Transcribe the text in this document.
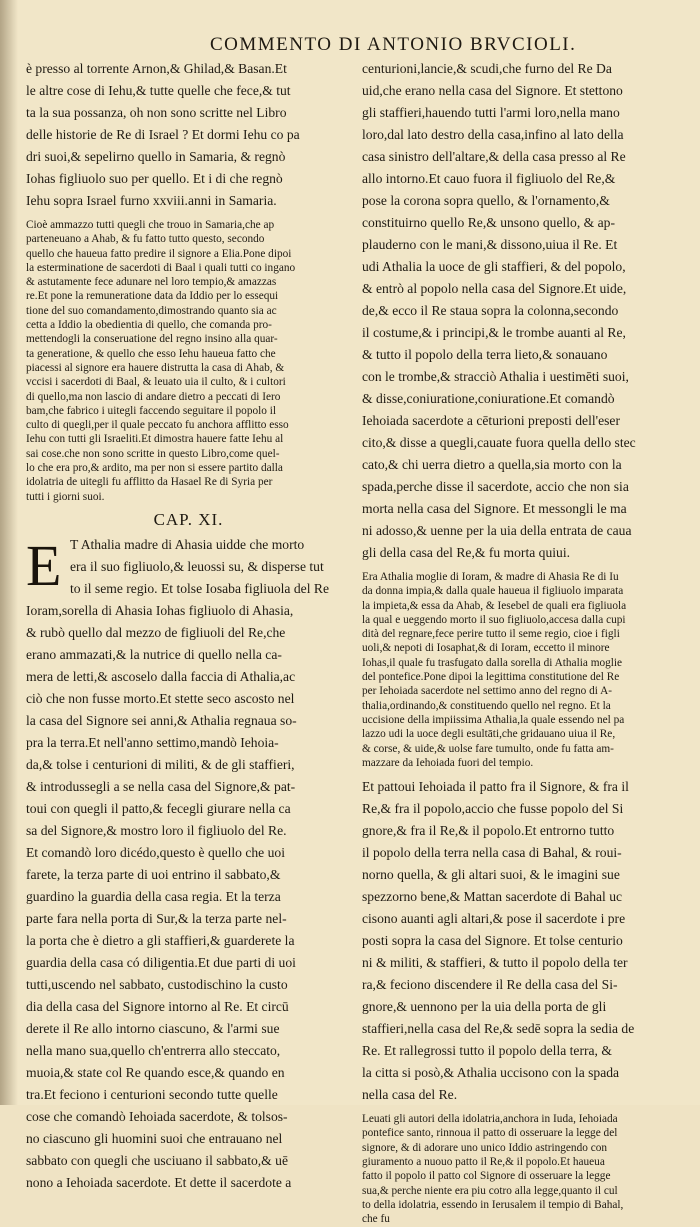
COMMENTO DI ANTONIO BRVCIOLI.
è presso al torrente Arnon,& Ghilad,& Basan.Et
le altre cose di Iehu,& tutte quelle che fece,& tut
ta la sua possanza, oh non sono scritte nel Libro
delle historie de Re di Israel ? Et dormi Iehu co pa
dri suoi,& sepelirno quello in Samaria, & regnò
Iohas figliuolo suo per quello. Et i di che regnò
Iehu sopra Israel furno xxviii.anni in Samaria.
Cioè ammazzo tutti quegli che trouo in Samaria,che ap
parteneuano a Ahab, & fu fatto tutto questo, secondo
quello che haueua fatto predire il signore a Elia.Pone dipoi
la esterminatione de sacerdoti di Baal i quali tutti co ingano
& astutamente fece adunare nel loro tempio,& amazzas
re.Et pone la remuneratione data da Iddio per lo essequi
tione del suo comandamento,dimostrando quanto sia ac
cetta a Iddio la obedientia di quello, che comanda pro-
mettendogli la conseruatione del regno insino alla quar-
ta generatione, & quello che esso Iehu haueua fatto che
piacessi al signore era hauere distrutta la casa di Ahab, &
vccisi i sacerdoti di Baal, & leuato uia il culto, & i cultori
di quello,ma non lascio di andare dietro a peccati di Iero
bam,che fabrico i uitegli faccendo seguitare il popolo il
culto di quegli,per il quale peccato fu anchora afflitto esso
Iehu con tutti gli Israeliti.Et dimostra hauere fatte Iehu al
sai cose.che non sono scritte in questo Libro,come quel-
lo che era pro,& ardito, ma per non si essere partito dalla
idolatria de uitegli fu afflitto da Hasael Re di Syria per
tutti i giorni suoi.
CAP. XI.
E T Athalia madre di Ahasia uidde che morto
era il suo figliuolo,& leuossi su, & disperse tut
to il seme regio. Et tolse Iosaba figliuola del Re
Ioram,sorella di Ahasia Iohas figliuolo di Ahasia,
& rubò quello dal mezzo de figliuoli del Re,che
erano ammazati,& la nutrice di quello nella ca-
mera de letti,& ascoselo dalla faccia di Athalia,ac
ciò che non fusse morto.Et stette seco ascosto nel
la casa del Signore sei anni,& Athalia regnaua so-
pra la terra.Et nell'anno settimo,mandò Iehoia-
da,& tolse i centurioni di militi, & de gli staffieri,
& introdussegli a se nella casa del Signore,& pat-
toui con quegli il patto,& fecegli giurare nella ca
sa del Signore,& mostro loro il figliuolo del Re.
Et comandò loro dicédo,questo è quello che uoi
farete, la terza parte di uoi entrino il sabbato,&
guardino la guardia della casa regia. Et la terza
parte fara nella porta di Sur,& la terza parte nel-
la porta che è dietro a gli staffieri,& guarderete la
guardia della casa có diligentia.Et due parti di uoi
tutti,uscendo nel sabbato, custodischino la custo
dia della casa del Signore intorno al Re. Et circū
derete il Re allo intorno ciascuno, & l'armi sue
nella mano sua,quello ch'entrerra allo steccato,
muoia,& state col Re quando esce,& quando en
tra.Et feciono i centurioni secondo tutte quelle
cose che comandò Iehoiada sacerdote, & tolsos-
no ciascuno gli huomini suoi che entrauano nel
sabbato con quegli che usciuano il sabbato,& uē
nono a Iehoiada sacerdote. Et dette il sacerdote a
centurioni,lancie,& scudi,che furno del Re Da
uid,che erano nella casa del Signore. Et stettono
gli staffieri,hauendo tutti l'armi loro,nella mano
loro,dal lato destro della casa,infino al lato della
casa sinistro dell'altare,& della casa presso al Re
allo intorno.Et cauo fuora il figliuolo del Re,&
pose la corona sopra quello, & l'ornamento,&
constituirno quello Re,& unsono quello, & ap-
plauderno con le mani,& dissono,uiua il Re. Et
udi Athalia la uoce de gli staffieri, & del popolo,
& entrò al popolo nella casa del Signore.Et uide,
de,& ecco il Re staua sopra la colonna,secondo
il costume,& i principi,& le trombe auanti al Re,
& tutto il popolo della terra lieto,& sonauano
con le trombe,& stracciò Athalia i uestimēti suoi,
& disse,coniuratione,coniuratione.Et comandò
Iehoiada sacerdote a cēturioni preposti dell'eser
cito,& disse a quegli,cauate fuora quella dello stec
cato,& chi uerra dietro a quella,sia morto con la
spada,perche disse il sacerdote, accio che non sia
morta nella casa del Signore. Et messongli le ma
ni adosso,& uenne per la uia della entrata de caua
gli della casa del Re,& fu morta quiui.
Era Athalia moglie di Ioram, & madre di Ahasia Re di Iu
da donna impia,& dalla quale haueua il figliuolo imparata
la impieta,& essa da Ahab, & Iesebel de quali era figliuola
la qual e ueggendo morto il suo figliuolo,accesa dalla cupi
dità del regnare,fece perire tutto il seme regio, cioe i figli
uoli,& nepoti di Iosaphat,& di Ioram, eccetto il minore
Iohas,il quale fu trasfugato dalla sorella di Athalia moglie
del pontefice.Pone dipoi la legittima constitutione del Re
per Iehoiada sacerdote nel settimo anno del regno di A-
thalia,ordinando,& constituendo quello nel regno. Et la
uccisione della impiissima Athalia,la quale essendo nel pa
lazzo udi la uoce degli esultāti,che gridauano uiua il Re,
& corse, & uide,& uolse fare tumulto, onde fu fatta am-
mazzare da Iehoiada fuori del tempio.
Et pattoui Iehoiada il patto fra il Signore, & fra il
Re,& fra il popolo,accio che fusse popolo del Si
gnore,& fra il Re,& il popolo.Et entrorno tutto
il popolo della terra nella casa di Bahal, & roui-
norno quella, & gli altari suoi, & le imagini sue
spezzorno bene,& Mattan sacerdote di Bahal uc
cisono auanti agli altari,& pose il sacerdote i pre
posti sopra la casa del Signore. Et tolse centurio
ni & militi, & staffieri, & tutto il popolo della ter
ra,& feciono discendere il Re della casa del Si-
gnore,& uennono per la uia della porta de gli
staffieri,nella casa del Re,& sedē sopra la sedia de
Re. Et rallegrossi tutto il popolo della terra, &
la citta si posò,& Athalia uccisono con la spada
nella casa del Re.
Leuati gli autori della idolatria,anchora in Iuda, Iehoiada
pontefice santo, rinnoua il patto di osseruare la legge del
signore, & di adorare uno unico Iddio astringendo con
giuramento a nuouo patto il Re,& il popolo.Et haueua
fatto il popolo il patto col Signore di osseruare la legge
sua,& perche niente era piu cotro alla legge,quanto il cul
to della idolatria, essendo in Ierusalem il tempio di Bahal,
che fu
